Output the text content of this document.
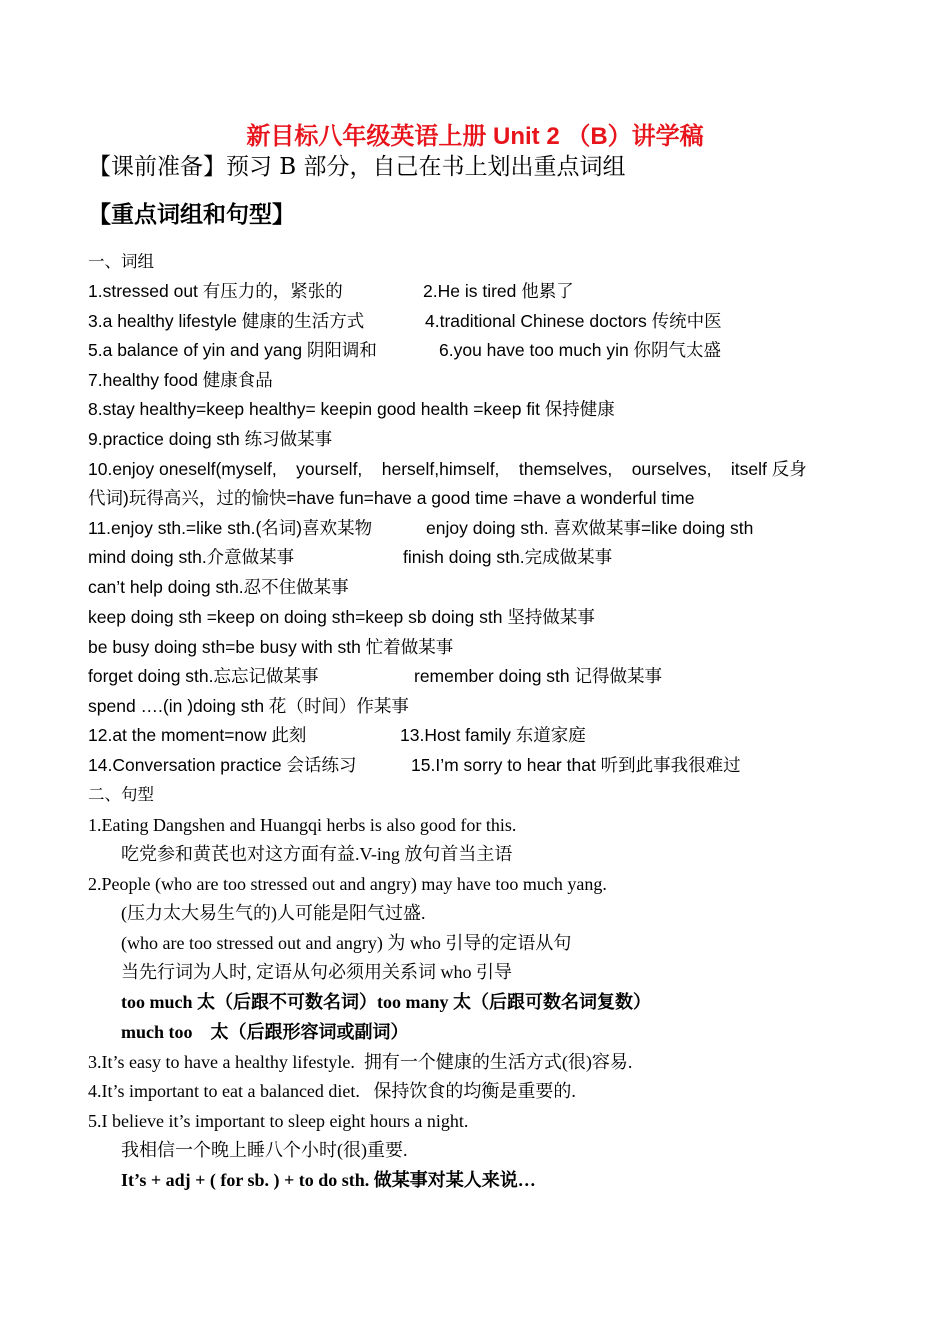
新目标八年级英语上册 Unit 2 （B）讲学稿
【课前准备】预习 B 部分，自己在书上划出重点词组
【重点词组和句型】
一、词组
1.stressed out 有压力的，紧张的	2.He is tired 他累了
3.a healthy lifestyle 健康的生活方式	4.traditional Chinese doctors 传统中医
5.a balance of yin and yang 阴阳调和	6.you have too much yin 你阴气太盛
7.healthy food 健康食品
8.stay healthy=keep healthy= keepin good health =keep fit 保持健康
9.practice doing sth 练习做某事
10.enjoy oneself(myself,    yourself,    herself,himself,    themselves,    ourselves,    itself 反身
代词)玩得高兴，过的愉快=have fun=have a good time =have a wonderful time
11.enjoy sth.=like sth.(名词)喜欢某物	enjoy doing sth. 喜欢做某事=like doing sth
mind doing sth.介意做某事	finish doing sth.完成做某事
can’t help doing sth.忍不住做某事
keep doing sth =keep on doing sth=keep sb doing sth 坚持做某事
be busy doing sth=be busy with sth 忙着做某事
forget doing sth.忘忘记做某事	remember doing sth 记得做某事
spend ….(in )doing sth 花（时间）作某事
12.at the moment=now 此刻	13.Host family 东道家庭
14.Conversation practice 会话练习	15.I’m sorry to hear that 听到此事我很难过
二、句型
1.Eating Dangshen and Huangqi herbs is also good for this.
吃党参和黄芪也对这方面有益.V-ing 放句首当主语
2.People (who are too stressed out and angry) may have too much yang.
(压力太大易生气的)人可能是阳气过盛.
(who are too stressed out and angry) 为 who 引导的定语从句
当先行词为人时, 定语从句必须用关系词 who 引导
too much 太（后跟不可数名词）too many 太（后跟可数名词复数）
much too    太（后跟形容词或副词）
3.It’s easy to have a healthy lifestyle.  拥有一个健康的生活方式(很)容易.
4.It’s important to eat a balanced diet.   保持饮食的均衡是重要的.
5.I believe it’s important to sleep eight hours a night.
我相信一个晚上睡八个小时(很)重要.
It’s + adj + ( for sb. ) + to do sth. 做某事对某人来说…
